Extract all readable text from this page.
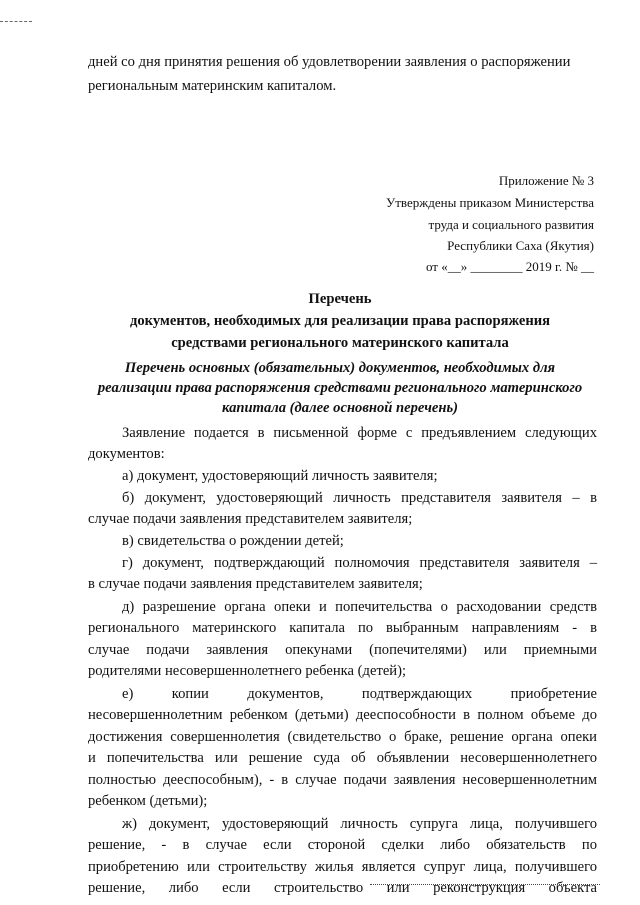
дней со дня принятия решения об удовлетворении заявления о распоряжении
региональным материнским капиталом.
Приложение № 3
Утверждены приказом Министерства
труда и социального развития
Республики Саха (Якутия)
от «__» ________ 2019 г. № __
Перечень
документов, необходимых для реализации права распоряжения
средствами регионального материнского капитала
Перечень основных (обязательных) документов, необходимых для
реализации права распоряжения средствами регионального материнского
капитала (далее основной перечень)
Заявление подается в письменной форме с предъявлением следующих
документов:
а) документ, удостоверяющий личность заявителя;
б) документ, удостоверяющий личность представителя заявителя – в
случае подачи заявления представителем заявителя;
в) свидетельства о рождении детей;
г) документ, подтверждающий полномочия представителя заявителя –
в случае подачи заявления представителем заявителя;
д) разрешение органа опеки и попечительства о расходовании средств
регионального материнского капитала по выбранным направлениям - в
случае подачи заявления опекунами (попечителями) или приемными
родителями несовершеннолетнего ребенка (детей);
е) копии документов, подтверждающих приобретение
несовершеннолетним ребенком (детьми) дееспособности в полном объеме до
достижения совершеннолетия (свидетельство о браке, решение органа опеки
и попечительства или решение суда об объявлении несовершеннолетнего
полностью дееспособным), - в случае подачи заявления несовершеннолетним
ребенком (детьми);
ж) документ, удостоверяющий личность супруга лица, получившего
решение, - в случае если стороной сделки либо обязательств по
приобретению или строительству жилья является супруг лица, получившего
решение, либо если строительство или реконструкция объекта
